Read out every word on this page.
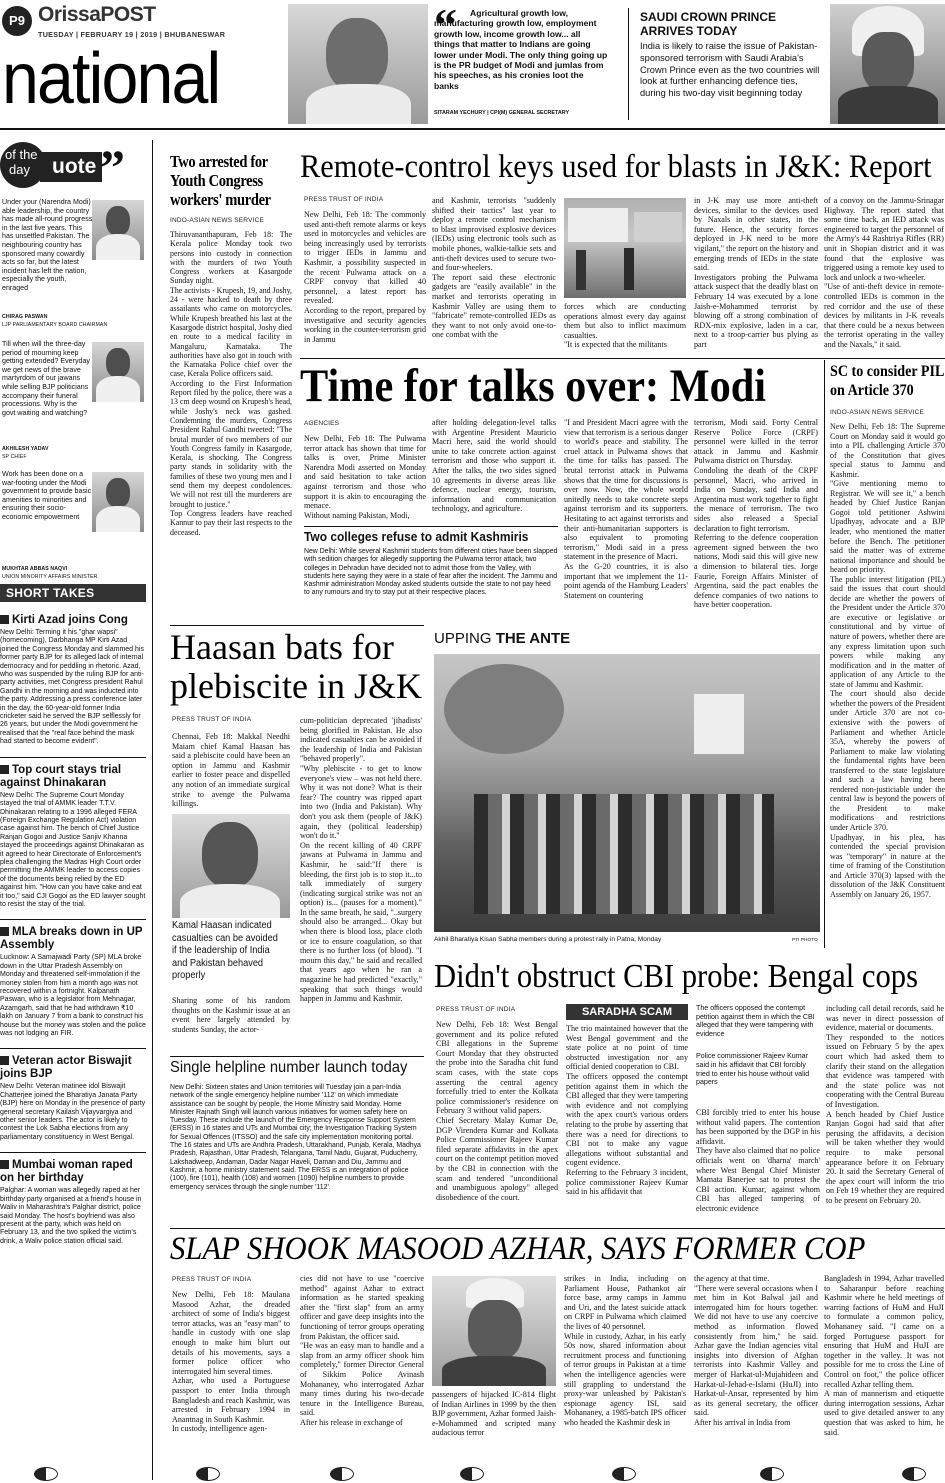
P9 OrissaPOST
TUESDAY | FEBRUARY 19 | 2019 | BHUBANESWAR
national
“	Agricultural growth low, manufacturing growth low, employment growth low, income growth low... all things that matter to Indians are going lower under Modi. The only thing going up is the PR budget of Modi and jumlas from his speeches, as his cronies loot the banks
SITARAM YECHURY | CPI(M) GENERAL SECRETARY
SAUDI CROWN PRINCE ARRIVES TODAY
India is likely to raise the issue of Pakistan-sponsored terrorism with Saudi Arabia's Crown Prince even as the two countries will look at further enhancing defence ties, during his two-day visit beginning today
of the
day	uote ”
Under your (Narendra Modi) able leadership, the country has made all-round progress in the last five years. This has unsettled Pakistan. The neighbouring country has sponsored many cowardly acts so far, but the latest incident has left the nation, especially the youth, enraged
CHIRAG PASWAN
LJP PARLIAMENTARY BOARD CHAIRMAN
Till when will the three-day period of mourning keep getting extended? Everyday we get news of the brave martyrdom of our jawans while selling BJP politicians accompany their funeral processions. Why is the govt waiting and watching?
AKHILESH YADAV
SP CHIEF
Work has been done on a war-footing under the Modi government to provide basic amenities to minorities and ensuring their socio-economic empowerment
MUKHTAR ABBAS NAQVI
UNION MINORITY AFFAIRS MINISTER
SHORT TAKES
Kirti Azad joins Cong
New Delhi: Terming it his "ghar wapsi" (homecoming), Darbhanga MP Kirti Azad joined the Congress Monday and slammed his former party BJP for its alleged lack of internal democracy and for peddling in rhetoric. Azad, who was suspended by the ruling BJP for anti-party activities, met Congress president Rahul Gandhi in the morning and was inducted into the party. Addressing a press conference later in the day, the 60-year-old former India cricketer said he served the BJP selflessly for 26 years, but under the Modi government he realised that the "real face behind the mask had started to become evident".
Top court stays trial against Dhinakaran
New Delhi: The Supreme Court Monday stayed the trial of AMMK leader T.T.V. Dhinakaran relating to a 1996 alleged FERA (Foreign Exchange Regulation Act) violation case against him. The bench of Chief Justice Ranjan Gogoi and Justice Sanjiv Khanna stayed the proceedings against Dhinakaran as it agreed to hear Directorate of Enforcement's plea challenging the Madras High Court order permitting the AMMK leader to access copies of the documents being relied by the ED against him. "How can you have cake and eat it too," said CJI Gogoi as the ED lawyer sought to resist the stay of the trial.
MLA breaks down in UP Assembly
Lucknow: A Samajwadi Party (SP) MLA broke down in the Uttar Pradesh Assembly on Monday and threatened self-immolation if the money stolen from him a month ago was not recovered within a fortnight. Kalpanath Paswan, who is a legislator from Mehnagar, Azamgarh, said that he had withdrawn ₹10 lakh on January 7 from a bank to construct his house but the money was stolen and the police was not lodging an FIR.
Veteran actor Biswajit joins BJP
New Delhi: Veteran matinee idol Biswajit Chatterjee joined the Bharatiya Janata Party (BJP) here on Monday in the presence of party general secretary Kailash Vijayvargiya and other senior leaders. The actor is likely to contest the Lok Sabha elections from any parliamentary constituency in West Bengal.
Mumbai woman raped on her birthday
Palghar: A woman was allegedly raped at her birthday party organised at a friend's house in Waliv in Maharashtra's Palghar district, police said Monday. The host's boyfriend was also present at the party, which was held on February 13, and the two spiked the victim's drink, a Waliv police station official said.
Two arrested for Youth Congress workers' murder
INDO-ASIAN NEWS SERVICE
Thiruvananthapuram, Feb 18: The Kerala police Monday took two persons into custody in connection with the murders of two Youth Congress workers at Kasargode Sunday night.
The activists - Krupesh, 19, and Joshy, 24 - were hacked to death by three assailants who came on motorcycles. While Krupesh breathed his last at the Kasargode district hospital, Joshy died en route to a medical facility in Mangaluru, Karnataka. The authorities have also got in touch with the Karnataka Police chief over the case, Kerala Police officers said.
According to the First Information Report filed by the police, there was a 13 cm deep wound on Krupesh's head, while Joshy's neck was gashed. Condemning the murders, Congress President Rahul Gandhi tweeted: "The brutal murder of two members of our Youth Congress family in Kasargode, Kerala, is shocking. The Congress party stands in solidarity with the families of these two young men and I send them my deepest condolences. We will not rest till the murderers are brought to justice."
Top Congress leaders have reached Kannur to pay their last respects to the deceased.
Remote-control keys used for blasts in J&K: Report
PRESS TRUST OF INDIA
New Delhi, Feb 18: The commonly used anti-theft remote alarms or keys used in motorcycles and vehicles are being increasingly used by terrorists to trigger IEDs in Jammu and Kashmir, a possibility suspected in the recent Pulwama attack on a CRPF convoy that killed 40 personnel, a latest report has revealed.
According to the report, prepared by investigative and security agencies working in the counter-terrorism grid in Jammu
and Kashmir, terrorists "suddenly shifted their tactics" last year to deploy a remote control mechanism to blast improvised explosive devices (IEDs) using electronic tools such as mobile phones, walkie-talkie sets and anti-theft devices used to secure two- and four-wheelers.
The report said these electronic gadgets are "easily available" in the market and terrorists operating in Kashmir Valley are using them to "fabricate" remote-controlled IEDs as they want to not only avoid one-to-one combat with the
forces which are conducting operations almost every day against them but also to inflict maximum casualties.
"It is expected that the militants
in J-K may use more anti-theft devices, similar to the devices used by Naxals in other states, in the future. Hence, the security forces deployed in J-K need to be more vigilant," the report on the history and emerging trends of IEDs in the state said.
Investigators probing the Pulwama attack suspect that the deadly blast on February 14 was executed by a lone Jaish-e-Mohammed terrorist by blowing off a strong combination of RDX-mix explosive, laden in a car, next to a troop-carrier bus plying as part
of a convoy on the Jammu-Srinagar Highway. The report stated that some time back, an IED attack was engineered to target the personnel of the Army's 44 Rashtriya Rifles (RR) unit in Shopian district and it was found that the explosive was triggered using a remote key used to lock and unlock a two-wheeler.
"Use of anti-theft device in remote-controlled IEDs is common in the red corridor and the use of these devices by militants in J-K reveals that there could be a nexus between the terrorist operating in the valley and the Naxals," it said.
Time for talks over: Modi
AGENCIES
New Delhi, Feb 18: The Pulwama terror attack has shown that time for talks is over, Prime Minister Narendra Modi asserted on Monday and said hesitation to take action against terrorism and those who support it is akin to encouraging the menace.
Without naming Pakistan, Modi,
after holding delegation-level talks with Argentine President Mauricio Macri here, said the world should unite to take concrete action against terrorism and those who support it. After the talks, the two sides signed 10 agreements in diverse areas like defence, nuclear energy, tourism, information and communication technology, and agriculture.
"I and President Macri agree with the view that terrorism is a serious danger to world's peace and stability. The cruel attack in Pulwama shows that the time for talks has passed. The brutal terrorist attack in Pulwama shows that the time for discussions is over now. Now, the whole world unitedly needs to take concrete steps against terrorism and its supporters. Hesitating to act against terrorists and their anti-humanitarian supporters is also equivalent to promoting terrorism," Modi said in a press statement in the presence of Macri.
As the G-20 countries, it is also important that we implement the 11-point agenda of the Hamburg Leaders' Statement on countering
terrorism, Modi said. Forty Central Reserve Police Force (CRPF) personnel were killed in the terror attack in Jammu and Kashmir Pulwama district on Thursday.
Condoling the death of the CRPF personnel, Macri, who arrived in India on Sunday, said India and Argentina must work together to fight the menace of terrorism. The two sides also released a Special declaration to fight terrorism.
Referring to the defence cooperation agreement signed between the two nations, Modi said this will give new a dimension to bilateral ties. Jorge Faurie, Foreign Affairs Minister of Argentina, said the pact enables the defence companies of two nations to have better cooperation.
Two colleges refuse to admit Kashmiris
New Delhi: While several Kashmiri students from different cities have been slapped with sedition charges for allegedly supporting the Pulwama terror attack, two colleges in Dehradun have decided not to admit those from the Valley, with students here saying they were in a state of fear after the incident. The Jammu and Kashmir administration Monday asked students outside the state to not pay heed to any rumours and try to stay put at their respective places.
SC to consider PIL on Article 370
INDO-ASIAN NEWS SERVICE
New Delhi, Feb 18: The Supreme Court on Monday said it would go into a PIL challenging Article 370 of the Constitution that gives special status to Jammu and Kashmir.
"Give mentioning memo to Registrar. We will see it," a bench headed by Chief Justice Ranjan Gogoi told petitioner Ashwini Upadhyay, advocate and a BJP leader, who mentioned the matter before the Bench. The petitioner said the matter was of extreme national importance and should be heard on priority.
The public interest litigation (PIL) said the issues that court should decide are whether the powers of the President under the Article 370 are executive or legislative or constitutional and by virtue of nature of powers, whether there are any express limitation upon such powers while making any modification and in the matter of application of any Article to the state of Jammu and Kashmir.
The court should also decide whether the powers of the President under Article 370 are not co-extensive with the powers of Parliament and whether Article 35A, whereby the powers of Parliament to make law violating the fundamental rights have been transferred to the state legislature and such a law having been rendered non-justiciable under the central law is beyond the powers of the President to make modifications and restrictions under Article 370.
Upadhyay, in his plea, has contended the special provision was "temporary" in nature at the time of framing of the Constitution and Article 370(3) lapsed with the dissolution of the J&K Constituent Assembly on January 26, 1957.
Haasan bats for plebiscite in J&K
PRESS TRUST OF INDIA
Chennai, Feb 18: Makkal Needhi Maiam chief Kamal Haasan has said a plebiscite could have been an option in Jammu and Kashmir earlier to foster peace and dispelled any notion of an immediate surgical strike to avenge the Pulwama killings.
Kamal Haasan indicated casualties can be avoided if the leadership of India and Pakistan behaved properly
Sharing some of his random thoughts on the Kashmir issue at an event here largely attended by students Sunday, the actor-
cum-politician deprecated 'jihadists' being glorified in Pakistan. He also indicated casualties can be avoided if the leadership of India and Pakistan "behaved properly".
"Why plebiscite - to get to know everyone's view – was not held there. Why it was not done? What is their fear? The country was ripped apart into two (India and Pakistan). Why don't you ask them (people of J&K) again, they (political leadership) won't do it."
On the recent killing of 40 CRPF jawans at Pulwama in Jammu and Kashmir, he said:"If there is bleeding, the first job is to stop it...to talk immediately of surgery (indicating surgical strike was not an option) is... (pauses for a moment)." In the same breath, he said, "..surgery should also be arranged... Okay but when there is blood loss, place cloth or ice to ensure coagulation, so that there is no further loss (of blood). "I mourn this day," he said and recalled that years ago when he ran a magazine he had predicted "exactly," speaking that such things would happen in Jammu and Kashmir.
UPPING THE ANTE
Akhil Bharatiya Kisan Sabha members during a protest rally in Patna, Monday	PTI PHOTO
Single helpline number launch today
New Delhi: Sixteen states and Union territories will Tuesday join a pan-India network of the single emergency helpline number '112' on which immediate assistance can be sought by people, the Home Ministry said Monday. Home Minister Rajnath Singh will launch various initiatives for women safety here on Tuesday. These include the launch of the Emergency Response Support System (ERSS) in 16 states and UTs and Mumbai city; the Investigation Tracking System for Sexual Offences (ITSSO) and the safe city implementation monitoring portal. The 16 states and UTs are Andhra Pradesh, Uttarakhand, Punjab, Kerala, Madhya Pradesh, Rajasthan, Uttar Pradesh, Telangana, Tamil Nadu, Gujarat, Puducherry, Lakshadweep, Andaman, Dadar Nagar Haveli, Daman and Diu, Jammu and Kashmir, a home ministry statement said. The ERSS is an integration of police (100), fire (101), health (108) and women (1090) helpline numbers to provide emergency services through the single number '112'.
Didn't obstruct CBI probe: Bengal cops
PRESS TRUST OF INDIA
New Delhi, Feb 18: West Bengal government and its police refuted CBI allegations in the Supreme Court Monday that they obstructed the probe into the Saradha chit fund scam cases, with the state cops asserting the central agency forcefully tried to enter the Kolkata police commissioner's residence on February 3 without valid papers.
Chief Secretary Malay Kumar De, DGP Virendera Kumar and Kolkata Police Commissioner Rajeev Kumar filed separate affidavits in the apex court on the contempt petition moved by the CBI in connection with the scam and tendered "unconditional and unambiguous apology" alleged disobedience of the court.
SARADHA SCAM
The trio maintained however that the West Bengal government and the state police at no point of time obstructed investigation nor any official denied cooperation to CBI.
The officers opposed the contempt petition against them in which the CBI alleged that they were tampering with evidence and not complying with the apex court's various orders relating to the probe by asserting that there was a need for directions to CBI not to make any vague allegations without substantial and cogent evidence.
Referring to the February 3 incident, police commissioner Rajeev Kumar said in his affidavit that
The officers opposed the contempt petition against them in which the CBI alleged that they were tampering with evidence
Police commissioner Rajeev Kumar said in his affidavit that CBI forcibly tried to enter his house without valid papers
CBI forcibly tried to enter his house without valid papers. The contention has been supported by the DGP in his affidavit.
They have also claimed that no police officials went on 'dharna' march' where West Bengal Chief Minister Mamata Banerjee sat to protest the CBI action. Kumar, against whom CBI has alleged tampering of electronic evidence
including call detail records, said he was never in direct possession of evidence, material or documents.
They responded to the notices issued on February 5 by the apex court which had asked them to clarify their stand on the allegation that evidence was tampered with and the state police was not cooperating with the Central Bureau of Investigation.
A bench headed by Chief Justice Ranjan Gogoi had said that after perusing the affidavits, a decision will be taken whether they would require to make personal appearance before it on February 20. It said the Secretary General of the apex court will inform the trio on Feb 19 whether they are required to be present on February 20.
SLAP SHOOK MASOOD AZHAR, SAYS FORMER COP
PRESS TRUST OF INDIA
New Delhi, Feb 18: Maulana Masood Azhar, the dreaded architect of some of India's biggest terror attacks, was an "easy man" to handle in custody with one slap enough to make him blurt out details of his movements, says a former police officer who interrogated him several times.
Azhar, who used a Portuguese passport to enter India through Bangladesh and reach Kashmir, was arrested in February 1994 in Anantnag in South Kashmir.
In custody, intelligence agen-
cies did not have to use "coercive method" against Azhar to extract information as he started speaking after the "first slap" from an army officer and gave deep insights into the functioning of terror groups operating from Pakistan, the officer said.
"He was an easy man to handle and a slap from an army officer shook him completely," former Director General of Sikkim Police Avinash Mohananey, who interrogated Azhar many times during his two-decade tenure in the Intelligence Bureau, said.
After his release in exchange of
passengers of hijacked IC-814 flight of Indian Airlines in 1999 by the then BJP government, Azhar formed Jaish-e-Mohammed and scripted many audacious terror
strikes in India, including on Parliament House, Pathankot air force base, army camps in Jammu and Uri, and the latest suicide attack on CRPF in Pulwama which claimed the lives of 40 personnel.
While in custody, Azhar, in his early 50s now, shared information about recruitment process and functioning of terror groups in Pakistan at a time when the intelligence agencies were still grappling to understand the proxy-war unleashed by Pakistan's espionage agency ISI, said Mohananey, a 1985-batch IPS officer who headed the Kashmir desk in
the agency at that time.
"There were several occasions when I met him in Kot Balwal jail and interrogated him for hours together. We did not have to use any coercive method as information flowed consistently from him," he said. Azhar gave the Indian agencies vital insights into diversion of Afghan terrorists into Kashmir Valley and merger of Harkat-ul-Mujahideen and Harkat-ul-Jehad-e-Islami (HuJI) into Harkat-ul-Ansar, represented by him as its general secretary, the officer said.
After his arrival in India from
Bangladesh in 1994, Azhar travelled to Saharanpur before reaching Kashmir where he held meetings of warring factions of HuM and HuJI to formulate a common policy, Mohananey said. "I came on a forged Portuguese passport for ensuring that HuM and HuJI are together in the valley. It was not possible for me to cross the Line of Control on foot," the police officer recalled Azhar telling them.
A man of mannerism and etiquette during interrogation sessions, Azhar used to give detailed answer to any question that was asked to him, he said.
